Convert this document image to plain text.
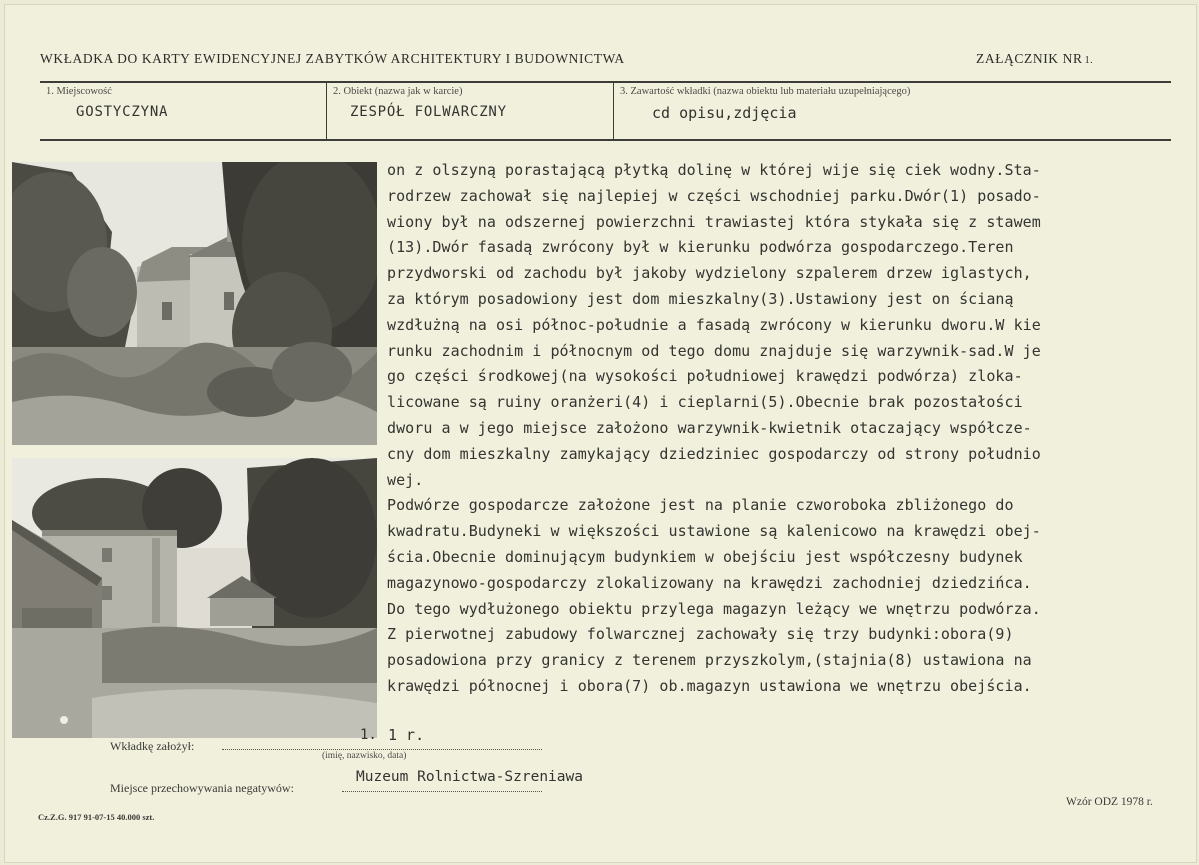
WKŁADKA DO KARTY EWIDENCYJNEJ ZABYTKÓW ARCHITEKTURY I BUDOWNICTWA	ZAŁĄCZNIK NR 1.
1. Miejscowość
GOSTYCZYNA
2. Obiekt (nazwa jak w karcie)
ZESPÓŁ FOLWARCZNY
3. Zawartość wkładki (nazwa obiektu lub materiału uzupełniającego)
cd opisu,zdjęcia
on z olszyną porastającą płytką dolinę w której wije się ciek wodny.Sta-
rodrzew zachował się najlepiej w części wschodniej parku.Dwór(1) posado-
wiony był na odszernej powierzchni trawiastej która stykała się z stawem
(13).Dwór fasadą zwrócony był w kierunku podwórza gospodarczego.Teren
przydworski od zachodu był jakoby wydzielony szpalerem drzew iglastych,
za którym posadowiony jest dom mieszkalny(3).Ustawiony jest on ścianą
wzdłużną na osi północ-południe a fasadą zwrócony w kierunku dworu.W kie
runku zachodnim i północnym od tego domu znajduje się warzywnik-sad.W je
go części środkowej(na wysokości południowej krawędzi podwórza) zloka-
licowane są ruiny oranżeri(4) i cieplarni(5).Obecnie brak pozostałości
dworu a w jego miejsce założono warzywnik-kwietnik otaczający współcze-
cny dom mieszkalny zamykający dziedziniec gospodarczy od strony południo
wej.
Podwórze gospodarcze założone jest na planie czworoboka zbliżonego do
kwadratu.Budyneki w większości ustawione są kalenicowo na krawędzi obej-
ścia.Obecnie dominującym budynkiem w obejściu jest współczesny budynek
magazynowo-gospodarczy zlokalizowany na krawędzi zachodniej dziedzińca.
Do tego wydłużonego obiektu przylega magazyn leżący we wnętrzu podwórza.
Z pierwotnej zabudowy folwarcznej zachowały się trzy budynki:obora(9)
posadowiona przy granicy z terenem przyszkolym,(stajnia(8) ustawiona na
krawędzi północnej i obora(7) ob.magazyn ustawiona we wnętrzu obejścia.
Wkładkę założył:
1. 1 r.
(imię, nazwisko, data)
Miejsce przechowywania negatywów:
Muzeum Rolnictwa-Szreniawa
Wzór ODZ 1978 r.
Cz.Z.G. 917 91-07-15 40.000 szt.
